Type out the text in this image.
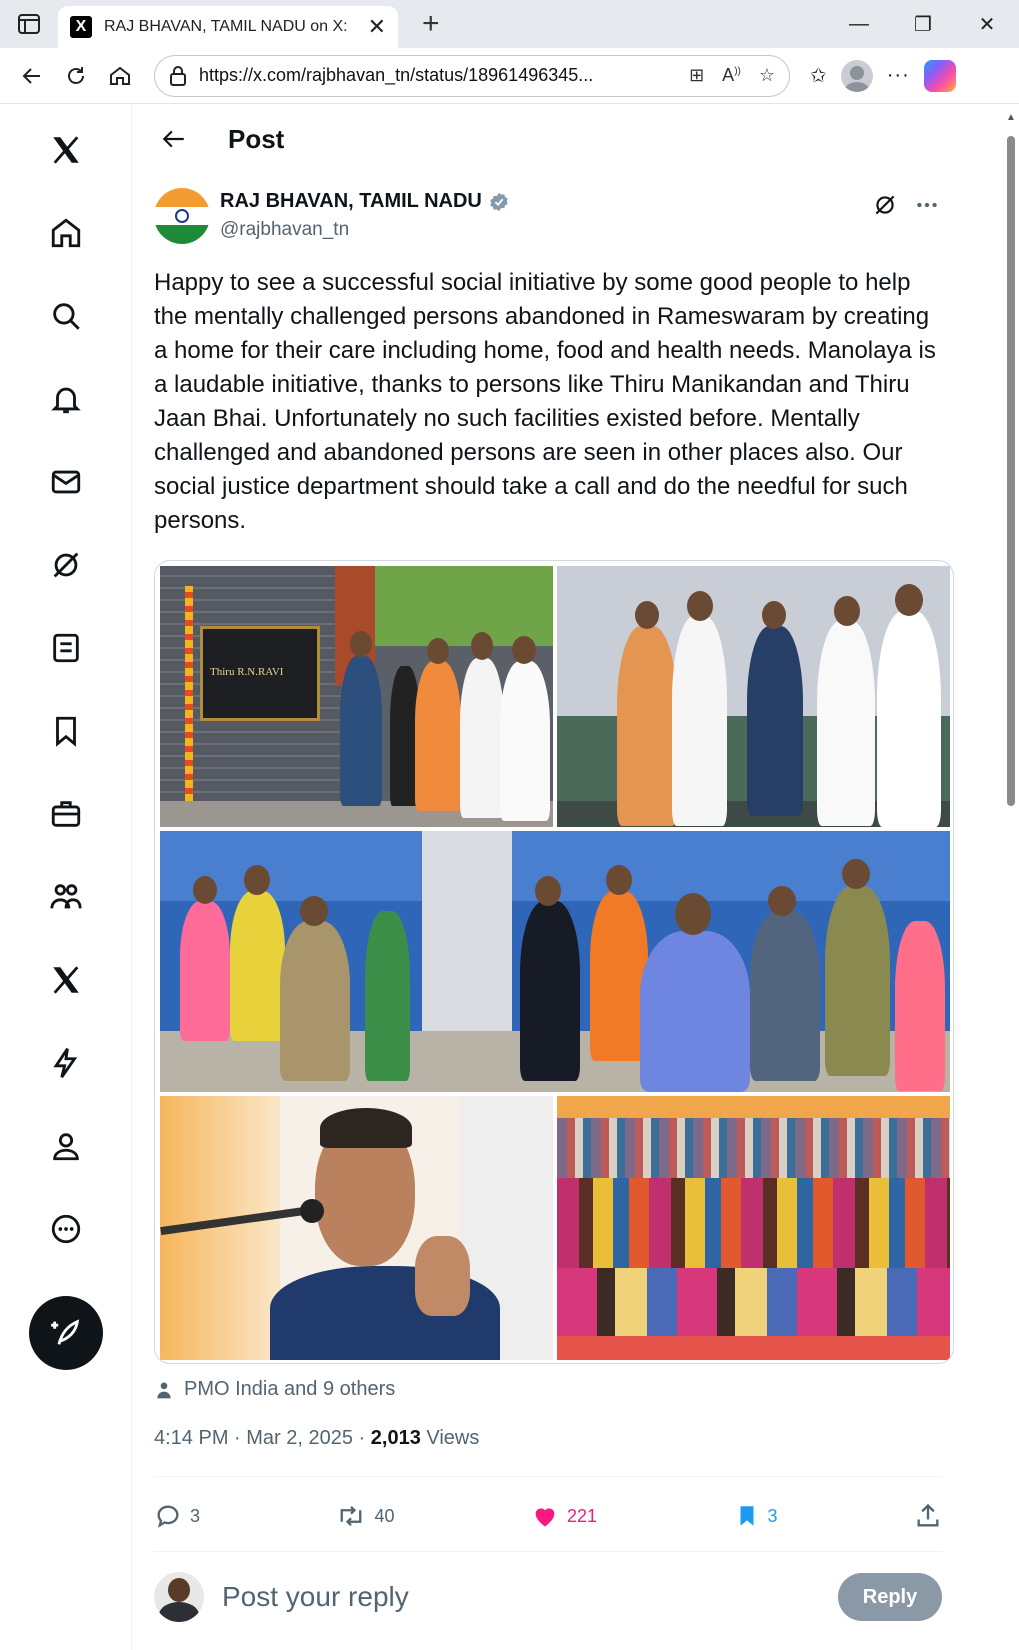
X	RAJ BHAVAN, TAMIL NADU on X: ✕ +	—	❐	✕
https://x.com/rajbhavan_tn/status/18961496345...	⊞ A)) ☆ ✩	···
Post
RAJ BHAVAN, TAMIL NADU
@rajbhavan_tn
Happy to see a successful social initiative by some good people to help the mentally challenged persons abandoned in Rameswaram by creating a home for their care including home, food and health needs. Manolaya is a laudable initiative, thanks to persons like Thiru Manikandan and Thiru Jaan Bhai. Unfortunately no such facilities existed before. Mentally challenged and abandoned persons are seen in other places also. Our social justice department should take a call and do the needful for such persons.
Thiru R.N.RAVI
PMO India and 9 others
4:14 PM · Mar 2, 2025 · 2,013 Views
3	40	221	3
Post your reply	Reply
▲
